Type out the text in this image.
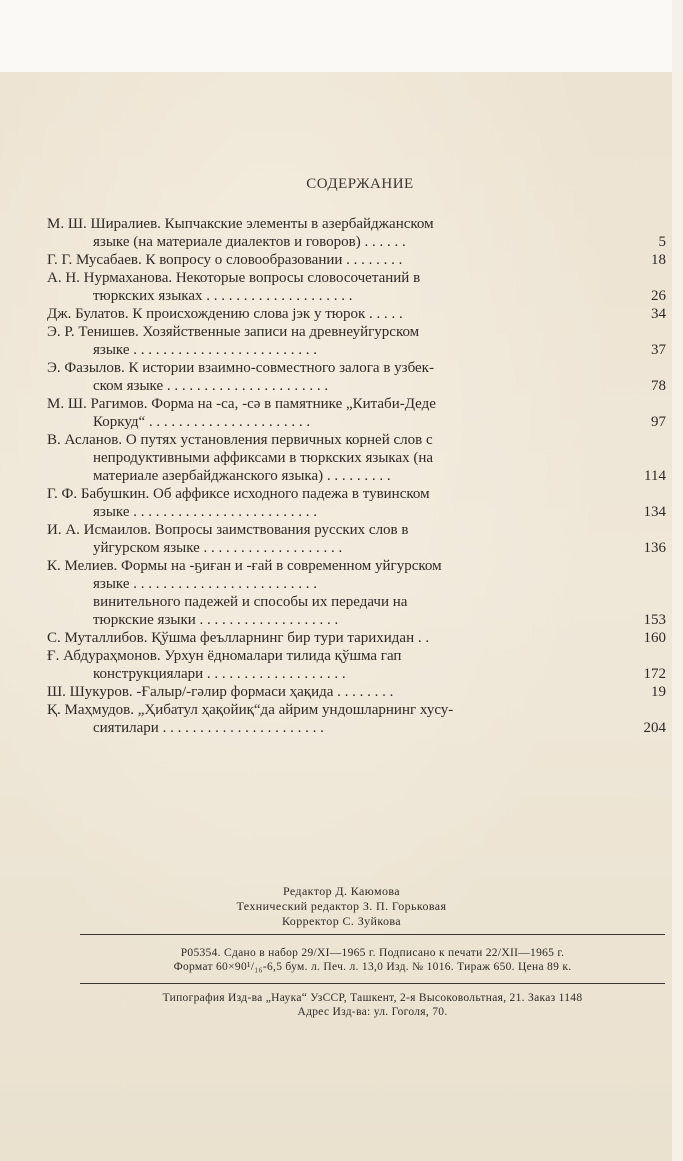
СОДЕРЖАНИЕ
М. Ш. Ширалиев. Кыпчакские элементы в азербайджанском
языке (на материале диалектов и говоров) . . . . . .	5
Г. Г. Мусабаев. К вопросу о словообразовании . . . . . . . .	18
А. Н. Нурмаханова. Некоторые вопросы словосочетаний в
тюркских языках . . . . . . . . . . . . . . . . . . . .	26
Дж. Булатов. К происхождению слова јэк у тюрок . . . . .	34
Э. Р. Тенишев. Хозяйственные записи на древнеуйгурском
языке . . . . . . . . . . . . . . . . . . . . . . . . .	37
Э. Фазылов. К истории взаимно-совместного залога в узбек-
ском языке . . . . . . . . . . . . . . . . . . . . . .	78
М. Ш. Рагимов. Форма на -са, -сә в памятнике „Китаби-Деде
Коркуд“ . . . . . . . . . . . . . . . . . . . . . .	97
В. Асланов. О путях установления первичных корней слов с
непродуктивными аффиксами в тюркских языках (на
материале азербайджанского языка) . . . . . . . . .	114
Г. Ф. Бабушкин. Об аффиксе исходного падежа в тувинском
языке . . . . . . . . . . . . . . . . . . . . . . . . .	134
И. А. Исмаилов. Вопросы заимствования русских слов в
уйгурском языке . . . . . . . . . . . . . . . . . . .	136
К. Мелиев. Формы на -ҕиған и -ғай в современном уйгурском
языке . . . . . . . . . . . . . . . . . . . . . . . . .
винительного падежей и способы их передачи на
тюркские языки . . . . . . . . . . . . . . . . . . .	153
С. Муталлибов. Қўшма феълларнинг бир тури тарихидан . .	160
Ғ. Абдураҳмонов. Урхун ёдномалари тилида қўшма гап
конструкциялари . . . . . . . . . . . . . . . . . . .	172
Ш. Шукуров. -Ғалыр/-гәлир формаси ҳақида . . . . . . . .	19
Қ. Маҳмудов. „Ҳибатул ҳақойиқ“да айрим ундошларнинг хусу-
сиятилари . . . . . . . . . . . . . . . . . . . . . .	204
Редактор Д. Каюмова
Технический редактор З. П. Горьковая
Корректор С. Зуйкова
Р05354. Сдано в набор 29/XI—1965 г. Подписано к печати 22/XII—1965 г.
Формат 60×90¹/₁₆-6,5 бум. л. Печ. л. 13,0 Изд. № 1016. Тираж 650. Цена 89 к.
Типография Изд-ва „Наука“ УзССР, Ташкент, 2-я Высоковольтная, 21. Заказ 1148
Адрес Изд-ва: ул. Гоголя, 70.
